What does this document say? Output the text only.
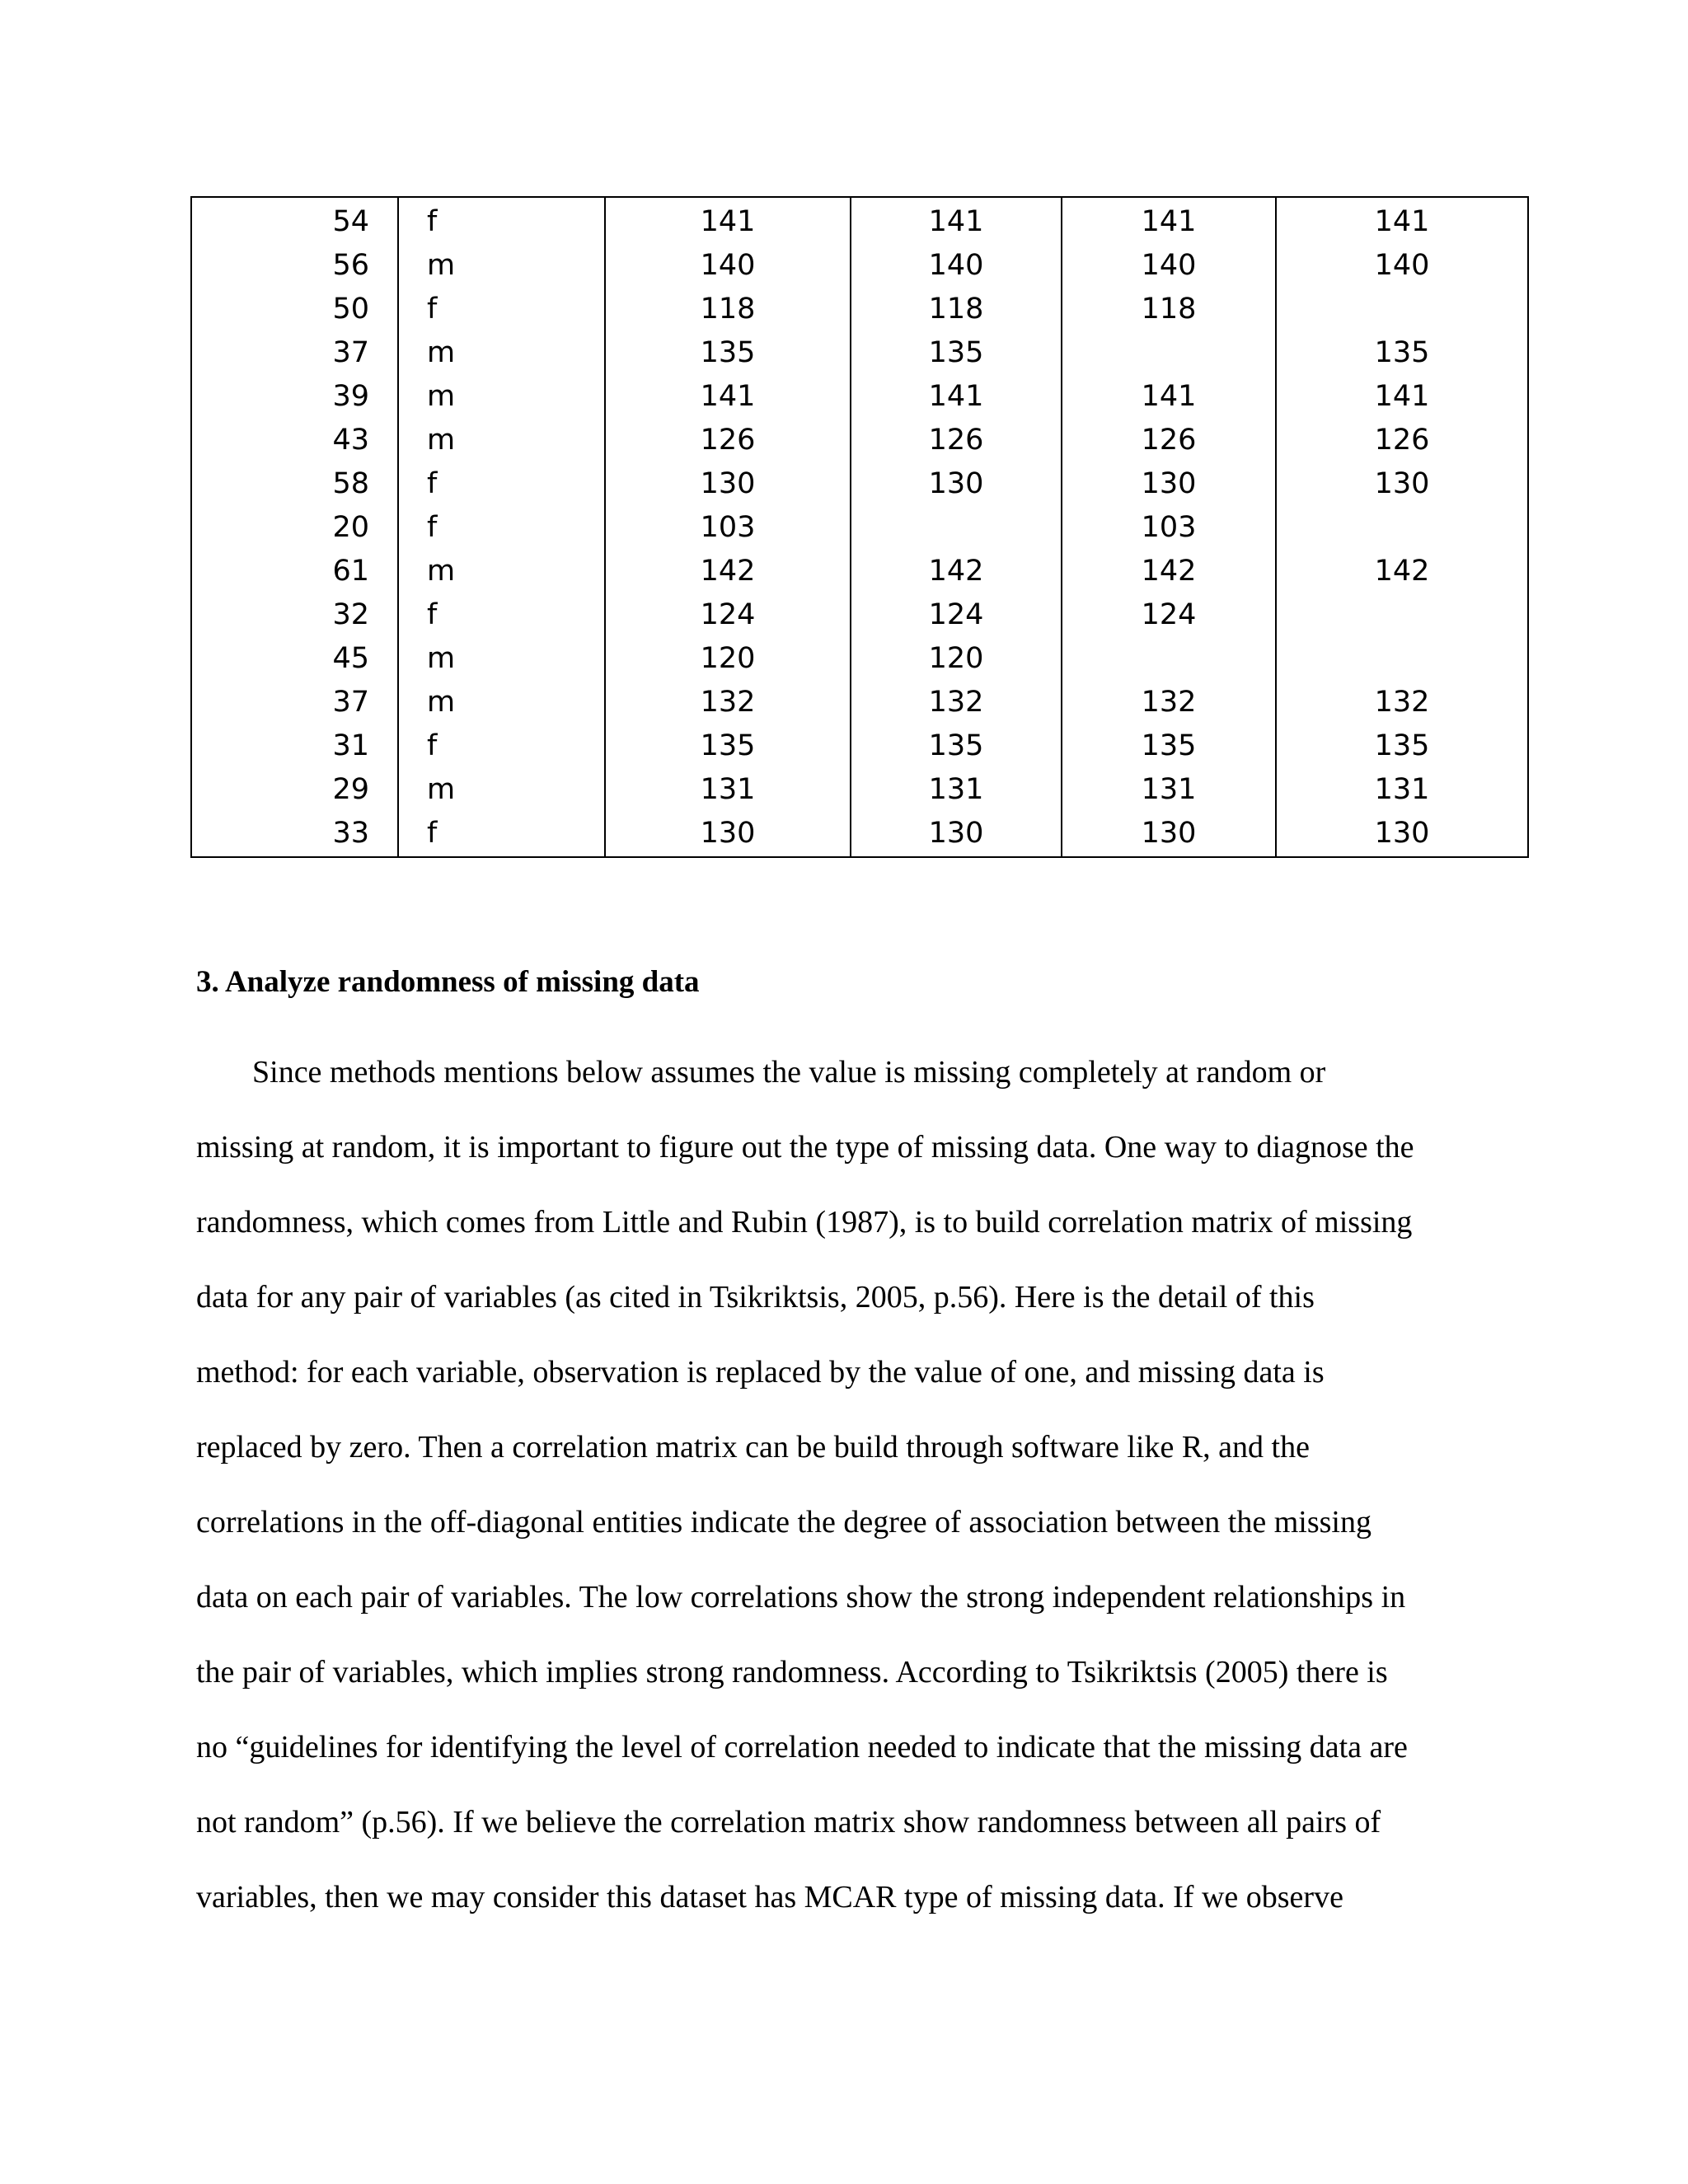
54	f	141	141	141	141
56	m	140	140	140	140
50	f	118	118	118	
37	m	135	135		135
39	m	141	141	141	141
43	m	126	126	126	126
58	f	130	130	130	130
20	f	103		103	
61	m	142	142	142	142
32	f	124	124	124	
45	m	120	120		
37	m	132	132	132	132
31	f	135	135	135	135
29	m	131	131	131	131
33	f	130	130	130	130
3. Analyze randomness of missing data
Since methods mentions below assumes the value is missing completely at random or
missing at random, it is important to figure out the type of missing data. One way to diagnose the
randomness, which comes from Little and Rubin (1987), is to build correlation matrix of missing
data for any pair of variables (as cited in Tsikriktsis, 2005, p.56). Here is the detail of this
method: for each variable, observation is replaced by the value of one, and missing data is
replaced by zero. Then a correlation matrix can be build through software like R, and the
correlations in the off-diagonal entities indicate the degree of association between the missing
data on each pair of variables. The low correlations show the strong independent relationships in
the pair of variables, which implies strong randomness. According to Tsikriktsis (2005) there is
no “guidelines for identifying the level of correlation needed to indicate that the missing data are
not random” (p.56). If we believe the correlation matrix show randomness between all pairs of
variables, then we may consider this dataset has MCAR type of missing data. If we observe
